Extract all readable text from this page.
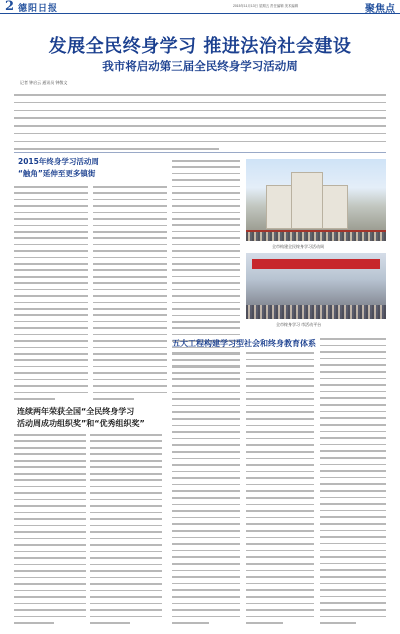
2 德阳日报	2015年11月13日 星期五 责任编辑 美术编辑	聚焦点
发展全民终身学习 推进法治社会建设
我市将启动第三届全民终身学习活动周
记者 钟启云 通讯员 钟敬文
2015年终身学习活动周
“触角”延伸至更多镇街
全市构建全民终身学习活动周
全市终身学习 市活动平台
五大工程构建学习型社会和终身教育体系
连续两年荣获全国“全民终身学习
活动周成功组织奖”和“优秀组织奖”
